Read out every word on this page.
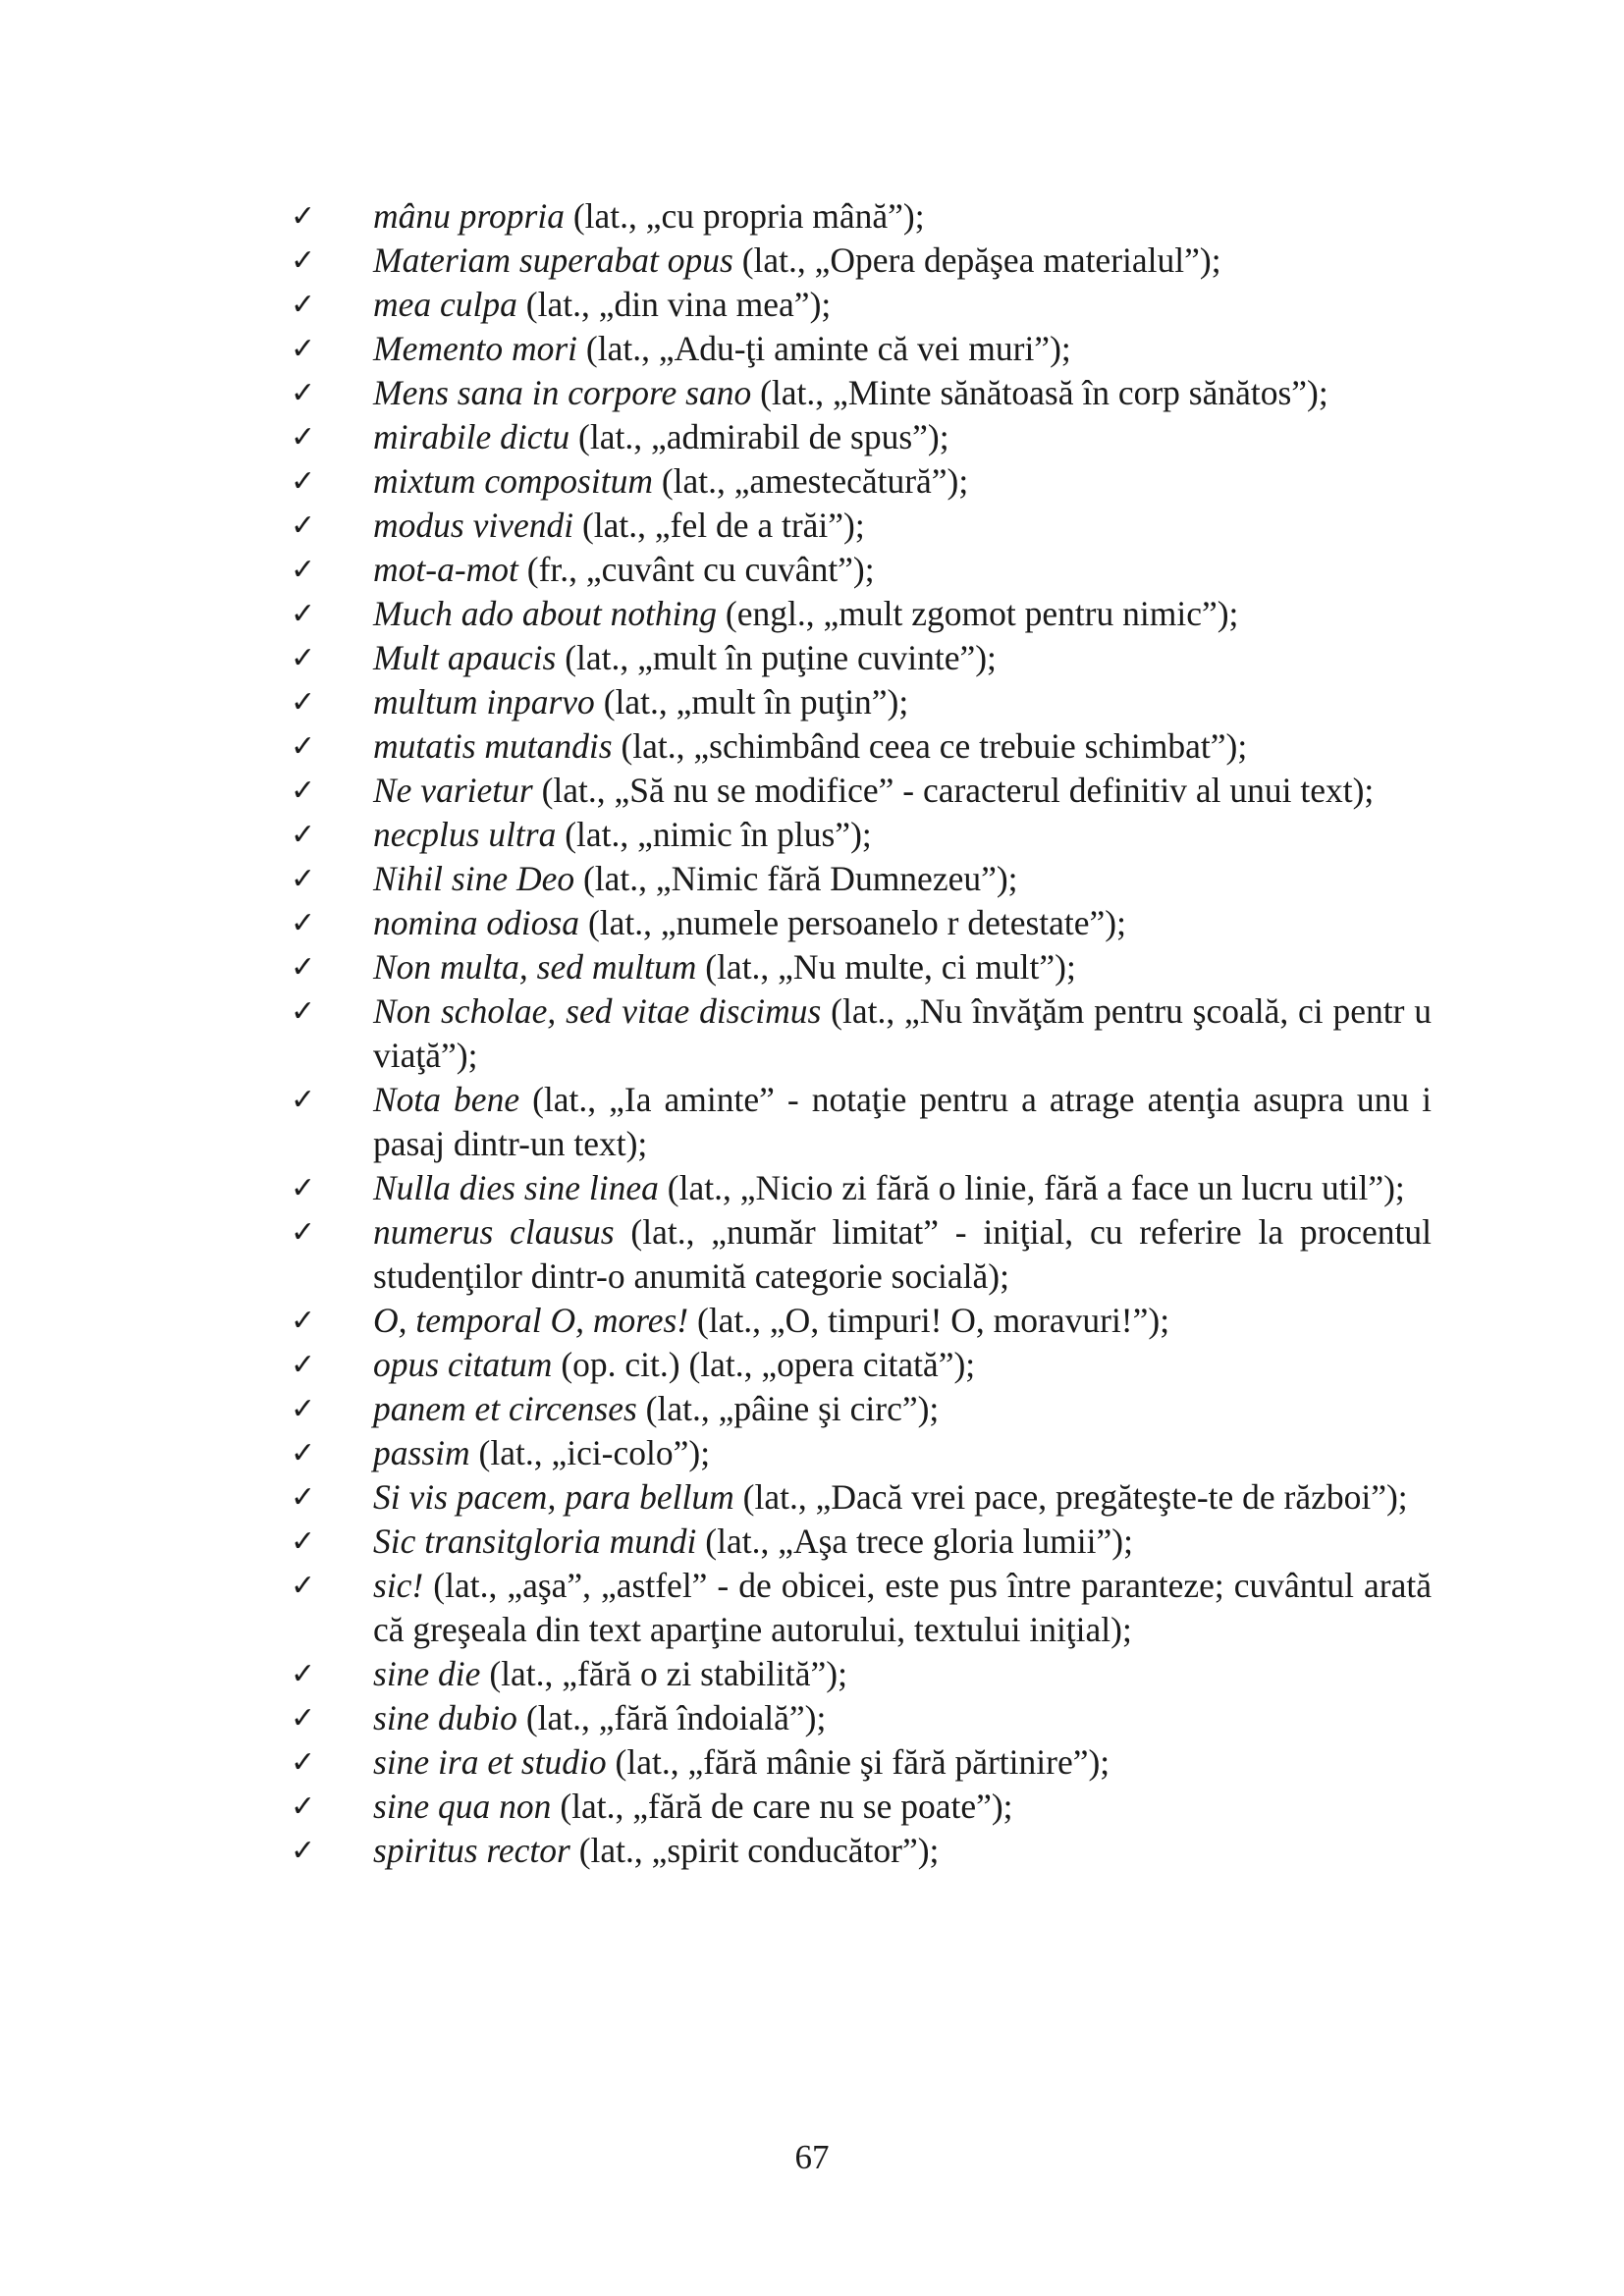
✓	mânu propria (lat., „cu propria mână”);
✓	Materiam superabat opus (lat., „Opera depăşea materialul”);
✓	mea culpa (lat., „din vina mea”);
✓	Memento mori (lat., „Adu-ţi aminte că vei muri”);
✓	Mens sana in corpore sano (lat., „Minte sănătoasă în corp sănătos”);
✓	mirabile dictu (lat., „admirabil de spus”);
✓	mixtum compositum (lat., „amestecătură”);
✓	modus vivendi (lat., „fel de a trăi”);
✓	mot-a-mot (fr., „cuvânt cu cuvânt”);
✓	Much ado about nothing (engl., „mult zgomot pentru nimic”);
✓	Mult apaucis (lat., „mult în puţine cuvinte”);
✓	multum inparvo (lat., „mult în puţin”);
✓	mutatis mutandis (lat., „schimbând ceea ce trebuie schimbat”);
✓	Ne varietur (lat., „Să nu se modifice” - caracterul definitiv al unui text);
✓	necplus ultra (lat., „nimic în plus”);
✓	Nihil sine Deo (lat., „Nimic fără Dumnezeu”);
✓	nomina odiosa (lat., „numele persoanelo r detestate”);
✓	Non multa, sed multum (lat., „Nu multe, ci mult”);
✓	Non scholae, sed vitae discimus (lat., „Nu învăţăm pentru şcoală, ci pentr u viaţă”);
✓	Nota bene (lat., „Ia aminte” - notaţie pentru a atrage atenţia asupra unu i pasaj dintr-un text);
✓	Nulla dies sine linea (lat., „Nicio zi fără o linie, fără a face un lucru util”);
✓	numerus clausus (lat., „număr limitat” - iniţial, cu referire la procentul studenţilor dintr-o anumită categorie socială);
✓	O, temporal O, mores! (lat., „O, timpuri! O, moravuri!”);
✓	opus citatum (op. cit.) (lat., „opera citată”);
✓	panem et circenses (lat., „pâine şi circ”);
✓	passim (lat., „ici-colo”);
✓	Si vis pacem, para bellum (lat., „Dacă vrei pace, pregăteşte-te de război”);
✓	Sic transitgloria mundi (lat., „Aşa trece gloria lumii”);
✓	sic! (lat., „aşa”, „astfel” - de obicei, este pus între paranteze; cuvântul arată că greşeala din text aparţine autorului, textului iniţial);
✓	sine die (lat., „fără o zi stabilită”);
✓	sine dubio (lat., „fără îndoială”);
✓	sine ira et studio (lat., „fără mânie şi fără părtinire”);
✓	sine qua non (lat., „fără de care nu se poate”);
✓	spiritus rector (lat., „spirit conducător”);
67
